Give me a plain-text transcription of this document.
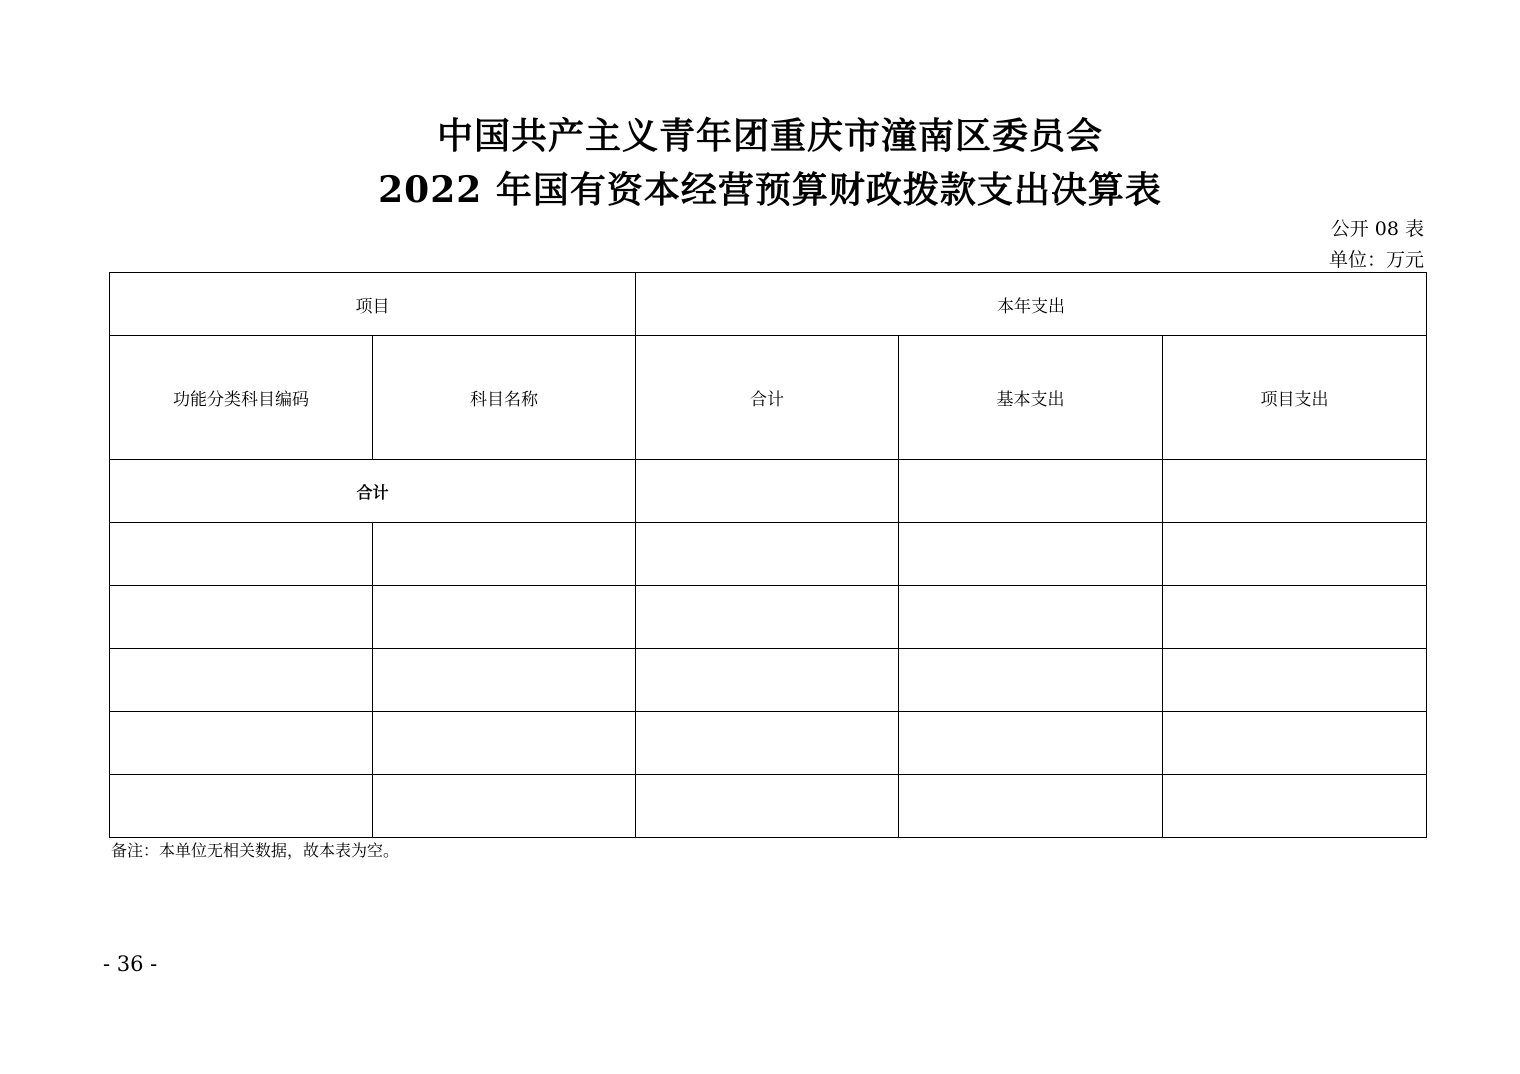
中国共产主义青年团重庆市潼南区委员会
2022 年国有资本经营预算财政拨款支出决算表
公开 08 表
单位：万元
项目		本年支出		
功能分类科目编码	科目名称	合计	基本支出	项目支出
合计				

备注：本单位无相关数据，故本表为空。
- 36 -
